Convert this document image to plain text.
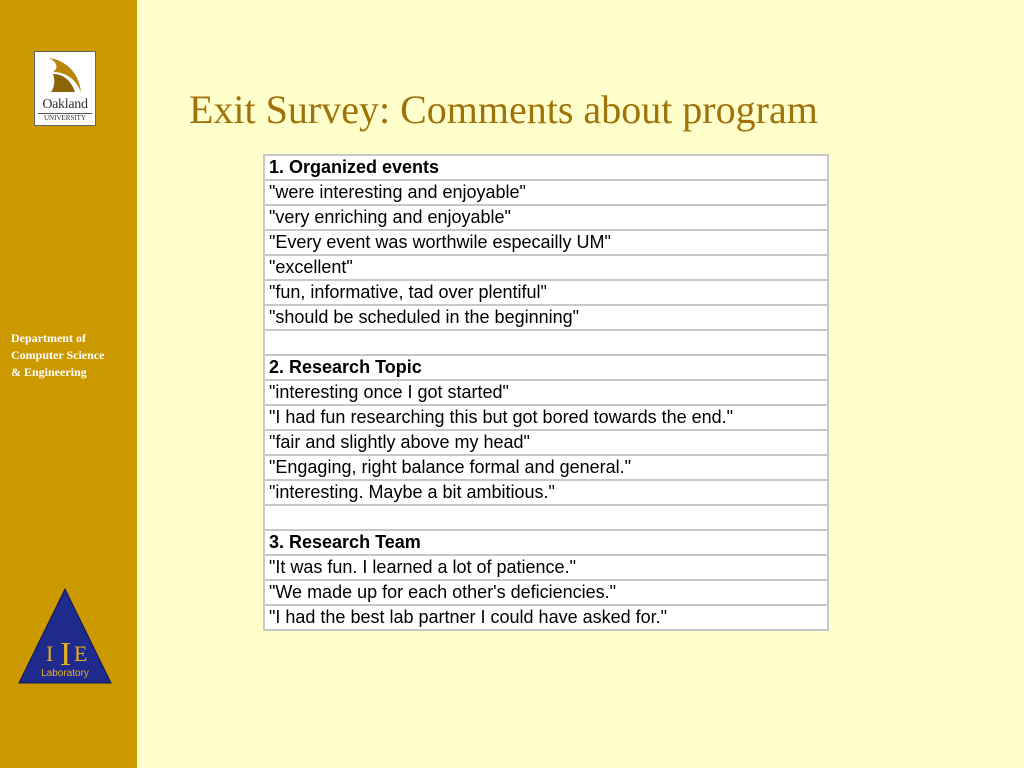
Oakland
UNIVERSITY
Department of
Computer Science
& Engineering
I I E
Laboratory
Exit Survey: Comments about program
1. Organized events
"were interesting and enjoyable"
"very enriching and enjoyable"
"Every event was worthwile especailly UM"
"excellent"
"fun, informative, tad over plentiful"
"should be scheduled in the beginning"

2. Research Topic
"interesting once I got started"
"I had fun researching this but got bored towards the end."
"fair and slightly above my head"
"Engaging, right balance formal and general."
"interesting. Maybe a bit ambitious."

3. Research Team
"It was fun. I learned a lot of patience."
"We made up for each other's deficiencies."
"I had the best lab partner I could have asked for."
